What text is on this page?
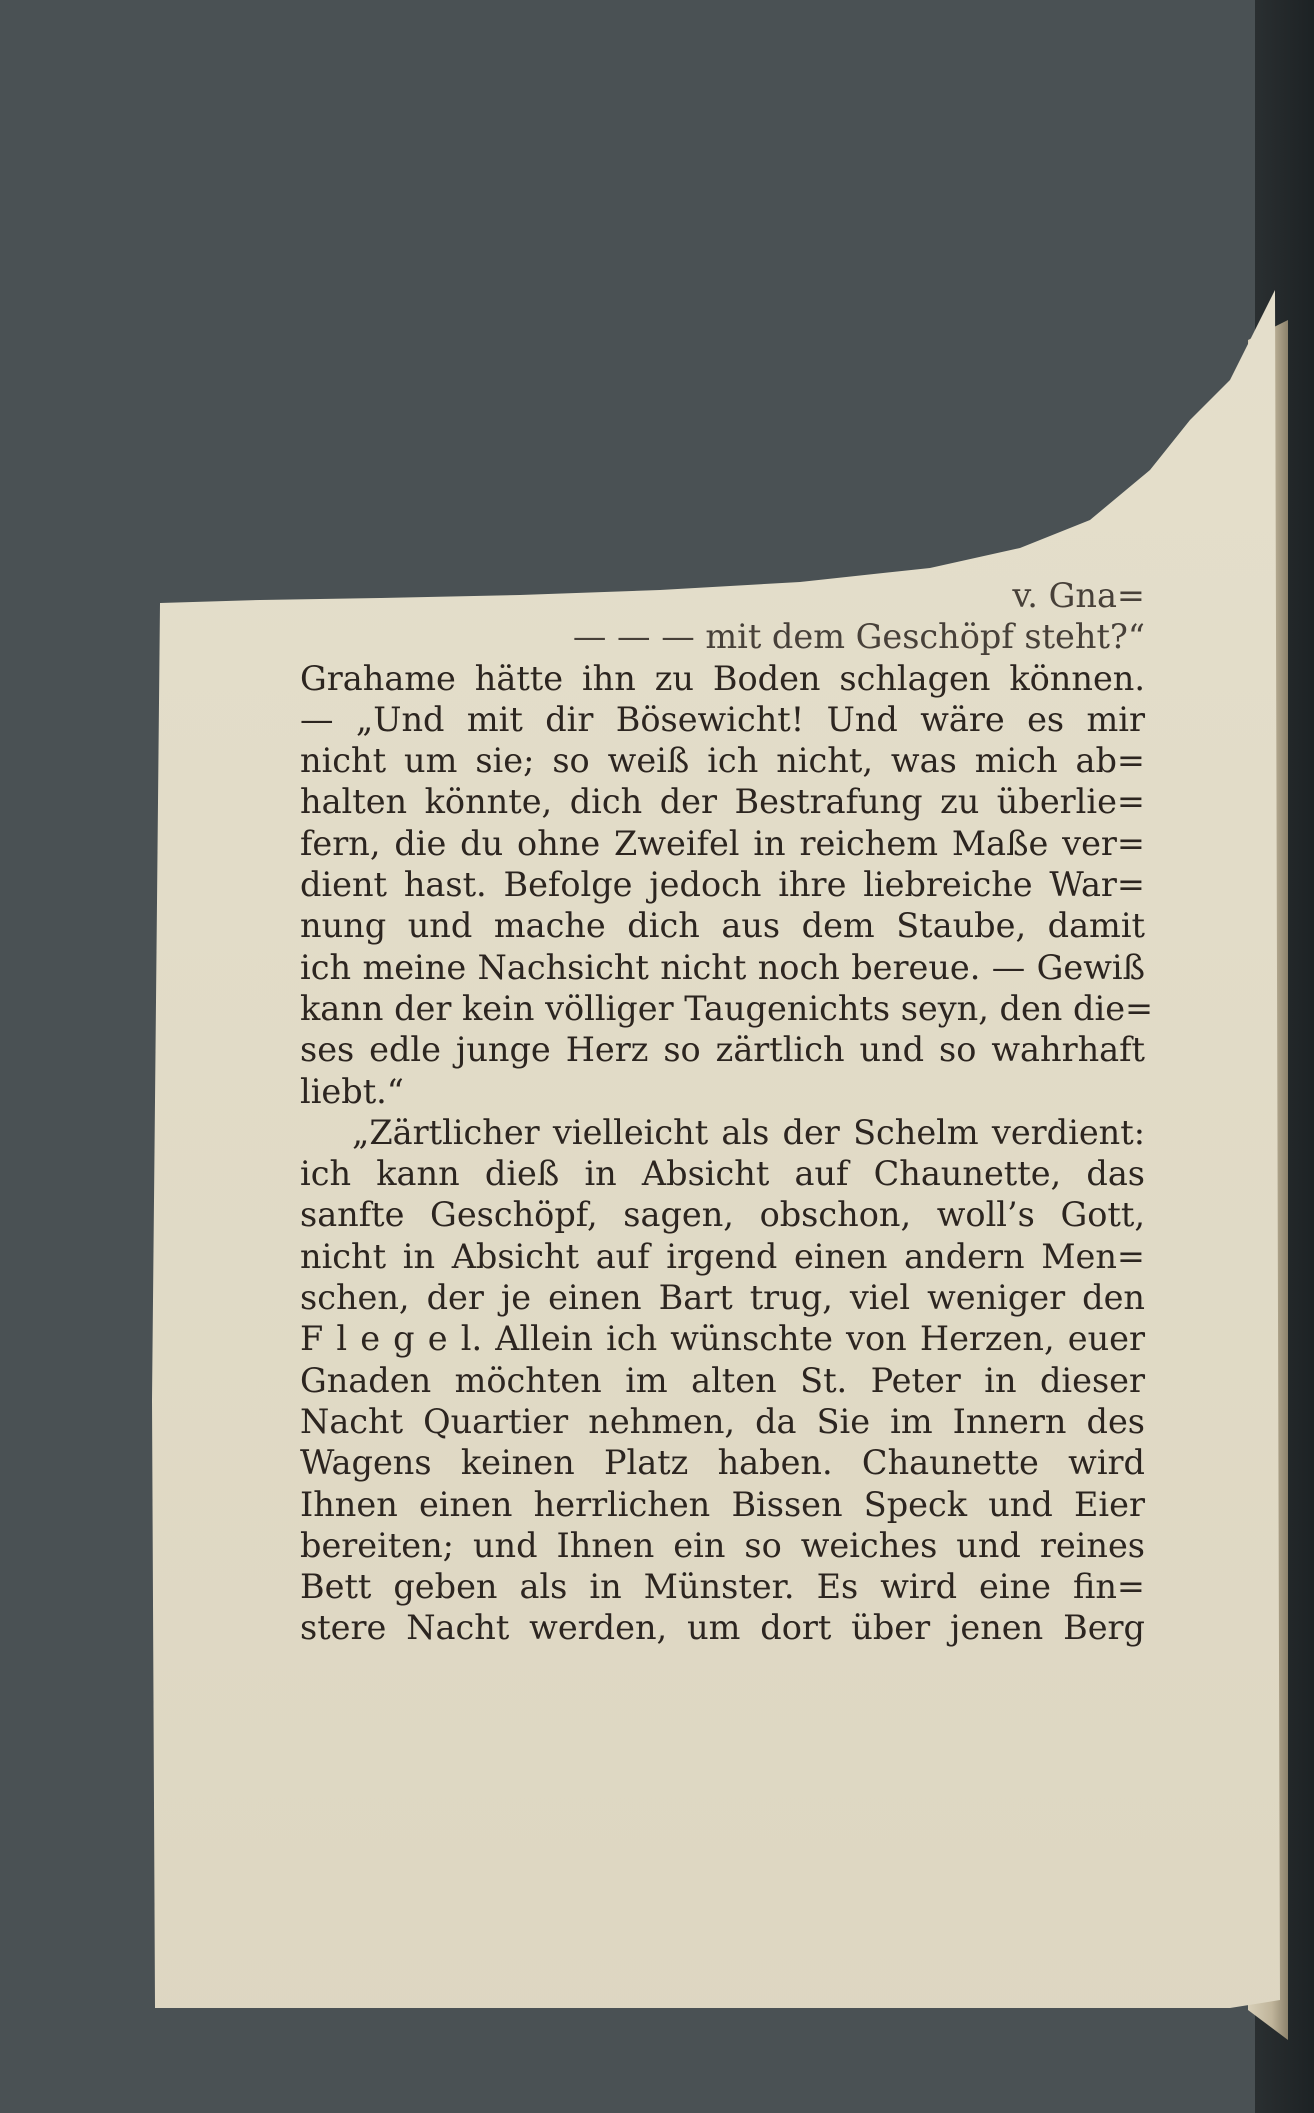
v. Gna=
— — — mit dem Geschöpf steht?“
Grahame hätte ihn zu Boden schlagen können.
— „Und mit dir Bösewicht! Und wäre es mir
nicht um sie; so weiß ich nicht, was mich ab=
halten könnte, dich der Bestrafung zu überlie=
fern, die du ohne Zweifel in reichem Maße ver=
dient hast. Befolge jedoch ihre liebreiche War=
nung und mache dich aus dem Staube, damit
ich meine Nachsicht nicht noch bereue. — Gewiß
kann der kein völliger Taugenichts seyn, den die=
ses edle junge Herz so zärtlich und so wahrhaft
liebt.“
„Zärtlicher vielleicht als der Schelm verdient:
ich kann dieß in Absicht auf Chaunette, das
sanfte Geschöpf, sagen, obschon, woll’s Gott,
nicht in Absicht auf irgend einen andern Men=
schen, der je einen Bart trug, viel weniger den
F l e g e l. Allein ich wünschte von Herzen, euer
Gnaden möchten im alten St. Peter in dieser
Nacht Quartier nehmen, da Sie im Innern des
Wagens keinen Platz haben. Chaunette wird
Ihnen einen herrlichen Bissen Speck und Eier
bereiten; und Ihnen ein so weiches und reines
Bett geben als in Münster. Es wird eine fin=
stere Nacht werden, um dort über jenen Berg
